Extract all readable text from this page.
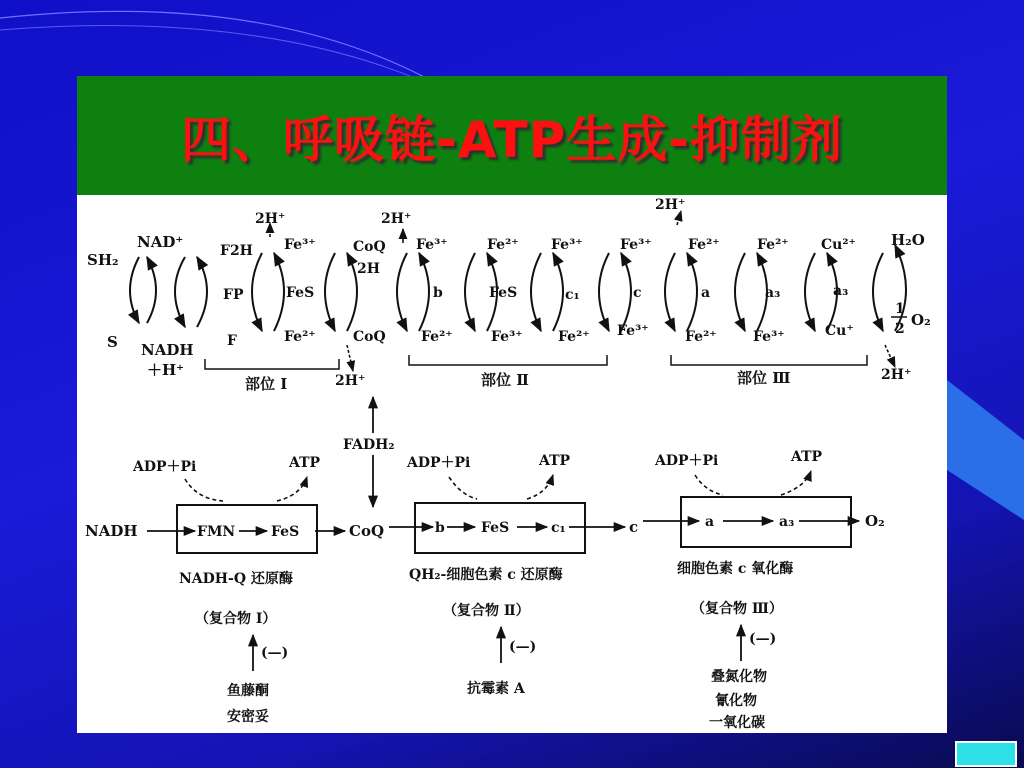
四、呼吸链-ATP生成-抑制剂
SH₂
S
NAD⁺
NADH
＋H⁺
F2H
FP
F
Fe³⁺
FeS
Fe²⁺
CoQ
2H
CoQ
Fe³⁺
b
Fe²⁺
Fe²⁺
FeS
Fe³⁺
Fe³⁺
c₁
Fe²⁺
Fe³⁺
c
Fe³⁺
Fe²⁺
a
Fe²⁺
Fe²⁺
a₃
Fe³⁺
Cu²⁺
a₃
Cu⁺
H₂O
1
2 O₂
2H⁺	2H⁺
2H⁺
2H⁺	2H⁺
部位 Ⅰ	部位 Ⅱ	部位 Ⅲ
FADH₂
ADP＋Pi	ATP	ADP＋Pi	ATP	ADP＋Pi	ATP
NADH	FMN	FeS	CoQ	b	FeS	c₁	c	a	a₃	O₂
NADH-Q 还原酶	QH₂-细胞色素 c 还原酶	细胞色素 c 氧化酶
（复合物 Ⅰ）	（复合物 Ⅱ）	（复合物 Ⅲ）
(—)	(—)	(—)
鱼藤酮
安密妥
抗霉素 A
叠氮化物
氰化物
一氧化碳
